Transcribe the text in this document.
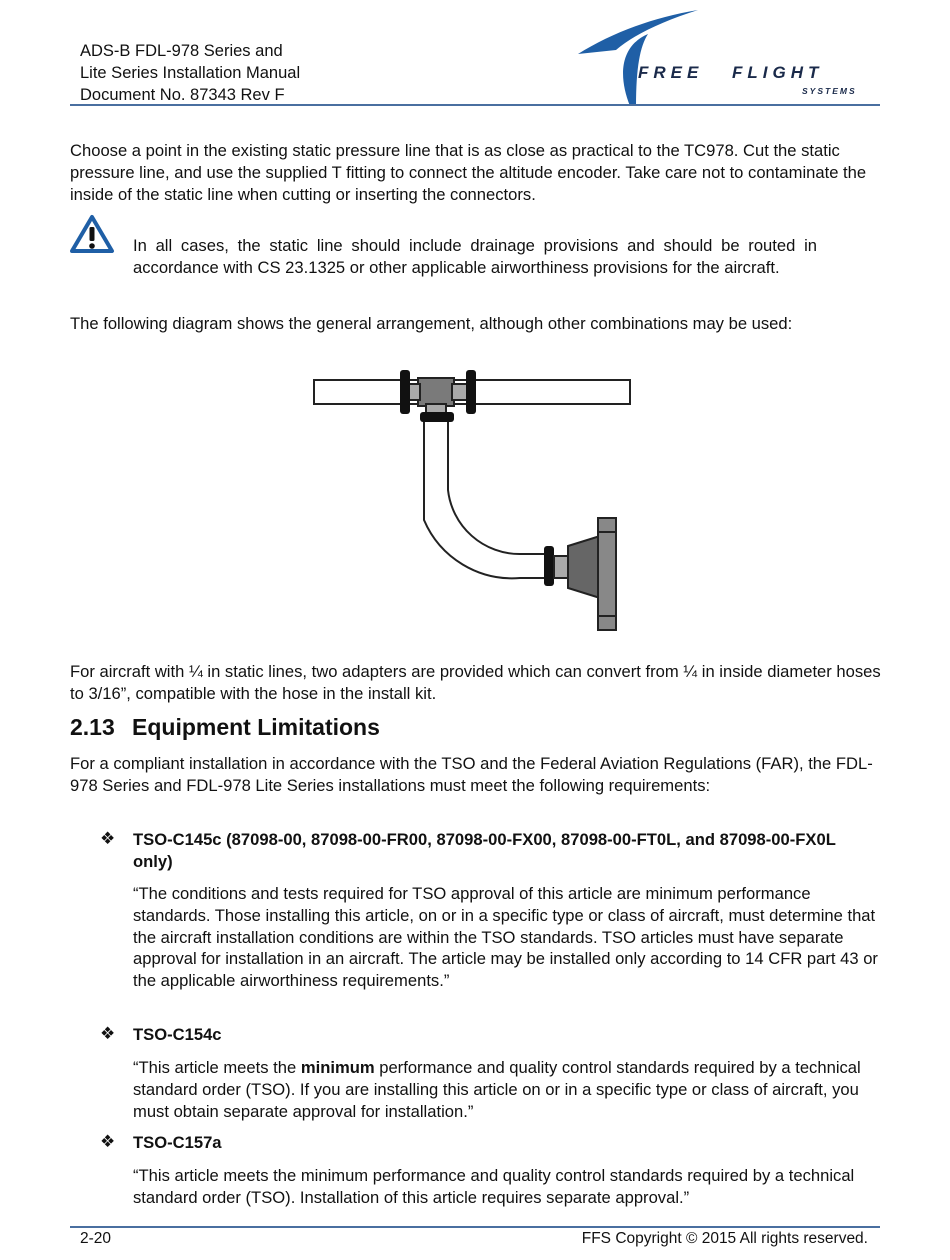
ADS-B FDL-978 Series and
Lite Series Installation Manual
Document No. 87343 Rev F
FREE FLIGHT
SYSTEMS
Choose a point in the existing static pressure line that is as close as practical to the TC978. Cut the static pressure line, and use the supplied T fitting to connect the altitude encoder. Take care not to contaminate the inside of the static line when cutting or inserting the connectors.
In all cases, the static line should include drainage provisions and should be routed in accordance with CS 23.1325 or other applicable airworthiness provisions for the aircraft.
The following diagram shows the general arrangement, although other combinations may be used:
For aircraft with ¼ in static lines, two adapters are provided which can convert from ¼ in inside diameter hoses to 3/16”, compatible with the hose in the install kit.
2.13 Equipment Limitations
For a compliant installation in accordance with the TSO and the Federal Aviation Regulations (FAR), the FDL-978 Series and FDL-978 Lite Series installations must meet the following requirements:
❖ TSO-C145c (87098-00, 87098-00-FR00, 87098-00-FX00, 87098-00-FT0L, and 87098-00-FX0L only)
“The conditions and tests required for TSO approval of this article are minimum performance standards. Those installing this article, on or in a specific type or class of aircraft, must determine that the aircraft installation conditions are within the TSO standards. TSO articles must have separate approval for installation in an aircraft. The article may be installed only according to 14 CFR part 43 or the applicable airworthiness requirements.”
❖ TSO-C154c
“This article meets the minimum performance and quality control standards required by a technical standard order (TSO). If you are installing this article on or in a specific type or class of aircraft, you must obtain separate approval for installation.”
❖ TSO-C157a
“This article meets the minimum performance and quality control standards required by a technical standard order (TSO). Installation of this article requires separate approval.”
2-20	FFS Copyright © 2015 All rights reserved.
